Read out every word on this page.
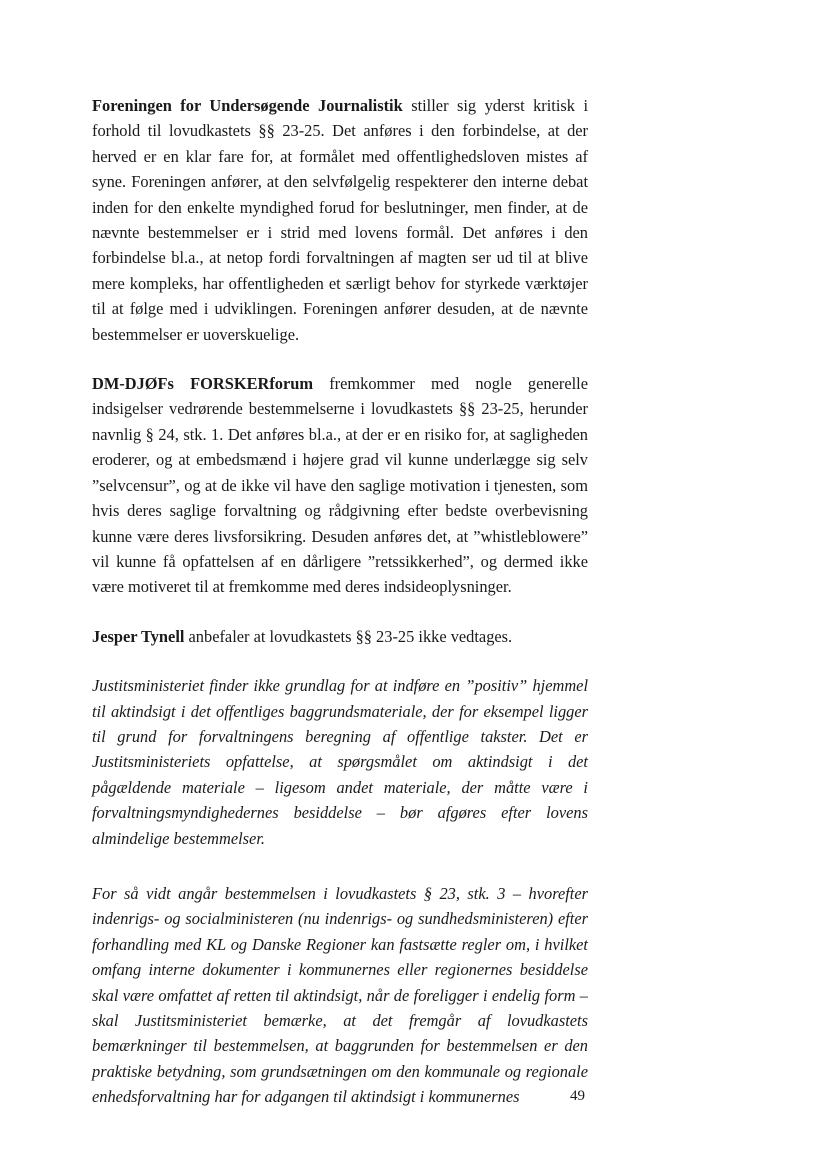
Foreningen for Undersøgende Journalistik stiller sig yderst kritisk i forhold til lovudkastets §§ 23-25. Det anføres i den forbindelse, at der herved er en klar fare for, at formålet med offentlighedsloven mistes af syne. Foreningen anfører, at den selvfølgelig respekterer den interne debat inden for den enkelte myndighed forud for beslutninger, men finder, at de nævnte bestemmelser er i strid med lovens formål. Det anføres i den forbindelse bl.a., at netop fordi forvaltningen af magten ser ud til at blive mere kompleks, har offentligheden et særligt behov for styrkede værktøjer til at følge med i udviklingen. Foreningen anfører desuden, at de nævnte bestemmelser er uoverskuelige.

DM-DJØFs FORSKERforum fremkommer med nogle generelle indsigelser vedrørende bestemmelserne i lovudkastets §§ 23-25, herunder navnlig § 24, stk. 1. Det anføres bl.a., at der er en risiko for, at sagligheden eroderer, og at embedsmænd i højere grad vil kunne underlægge sig selv ”selvcensur”, og at de ikke vil have den saglige motivation i tjenesten, som hvis deres saglige forvaltning og rådgivning efter bedste overbevisning kunne være deres livsforsikring. Desuden anføres det, at ”whistleblowere” vil kunne få opfattelsen af en dårligere ”retssikkerhed”, og dermed ikke være motiveret til at fremkomme med deres indsideoplysninger.

Jesper Tynell anbefaler at lovudkastets §§ 23-25 ikke vedtages.

Justitsministeriet finder ikke grundlag for at indføre en ”positiv” hjemmel til aktindsigt i det offentliges baggrundsmateriale, der for eksempel ligger til grund for forvaltningens beregning af offentlige takster. Det er Justitsministeriets opfattelse, at spørgsmålet om aktindsigt i det pågældende materiale – ligesom andet materiale, der måtte være i forvaltningsmyndighedernes besiddelse – bør afgøres efter lovens almindelige bestemmelser.

For så vidt angår bestemmelsen i lovudkastets § 23, stk. 3 – hvorefter indenrigs- og socialministeren (nu indenrigs- og sundhedsministeren) efter forhandling med KL og Danske Regioner kan fastsætte regler om, i hvilket omfang interne dokumenter i kommunernes eller regionernes besiddelse skal være omfattet af retten til aktindsigt, når de foreligger i endelig form – skal Justitsministeriet bemærke, at det fremgår af lovudkastets bemærkninger til bestemmelsen, at baggrunden for bestemmelsen er den praktiske betydning, som grundsætningen om den kommunale og regionale enhedsforvaltning har for adgangen til aktindsigt i kommunernes	49
